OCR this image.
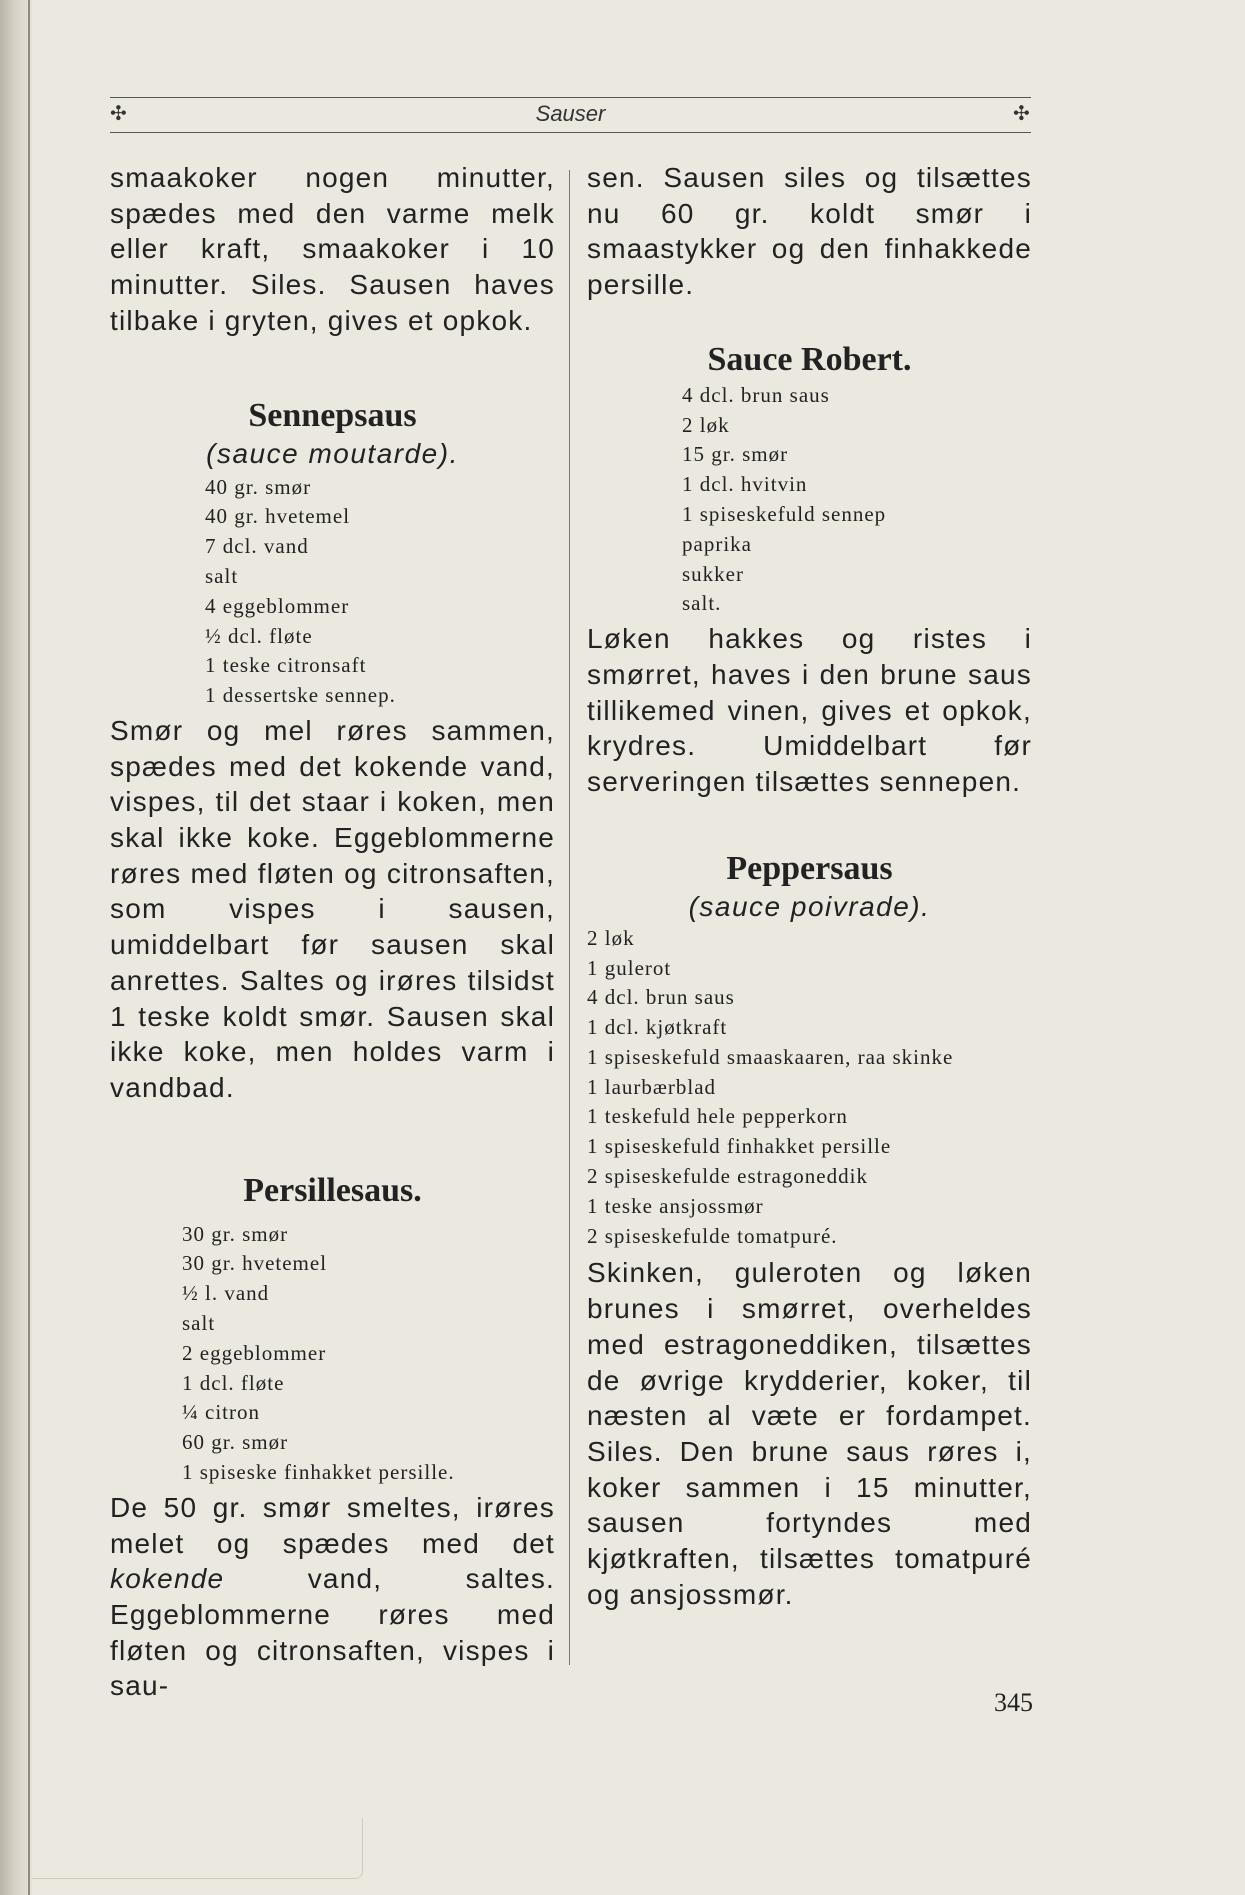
✣	Sauser	✣

smaakoker nogen minutter, spædes med den varme melk eller kraft, smaakoker i 10 minutter. Siles. Sausen haves tilbake i gryten, gives et opkok.

Sennepsaus
(sauce moutarde).
40 gr. smør
40 gr. hvetemel
7 dcl. vand
salt
4 eggeblommer
½ dcl. fløte
1 teske citronsaft
1 dessertske sennep.

Smør og mel røres sammen, spædes med det kokende vand, vispes, til det staar i koken, men skal ikke koke. Eggeblommerne røres med fløten og citronsaften, som vispes i sausen, umiddelbart før sausen skal anrettes. Saltes og irøres tilsidst 1 teske koldt smør. Sausen skal ikke koke, men holdes varm i vandbad.

Persillesaus.
30 gr. smør
30 gr. hvetemel
½ l. vand
salt
2 eggeblommer
1 dcl. fløte
¼ citron
60 gr. smør
1 spiseske finhakket persille.

De 50 gr. smør smeltes, irøres melet og spædes med det kokende vand, saltes. Eggeblommerne røres med fløten og citronsaften, vispes i sau-

sen. Sausen siles og tilsættes nu 60 gr. koldt smør i smaastykker og den finhakkede persille.

Sauce Robert.
4 dcl. brun saus
2 løk
15 gr. smør
1 dcl. hvitvin
1 spiseskefuld sennep
paprika
sukker
salt.

Løken hakkes og ristes i smørret, haves i den brune saus tillikemed vinen, gives et opkok, krydres. Umiddelbart før serveringen tilsættes sennepen.

Peppersaus
(sauce poivrade).
2 løk
1 gulerot
4 dcl. brun saus
1 dcl. kjøtkraft
1 spiseskefuld smaaskaaren, raa skinke
1 laurbærblad
1 teskefuld hele pepperkorn
1 spiseskefuld finhakket persille
2 spiseskefulde estragoneddik
1 teske ansjossmør
2 spiseskefulde tomatpuré.

Skinken, guleroten og løken brunes i smørret, overheldes med estragoneddiken, tilsættes de øvrige krydderier, koker, til næsten al væte er fordampet. Siles. Den brune saus røres i, koker sammen i 15 minutter, sausen fortyndes med kjøtkraften, tilsættes tomatpuré og ansjossmør.

345
